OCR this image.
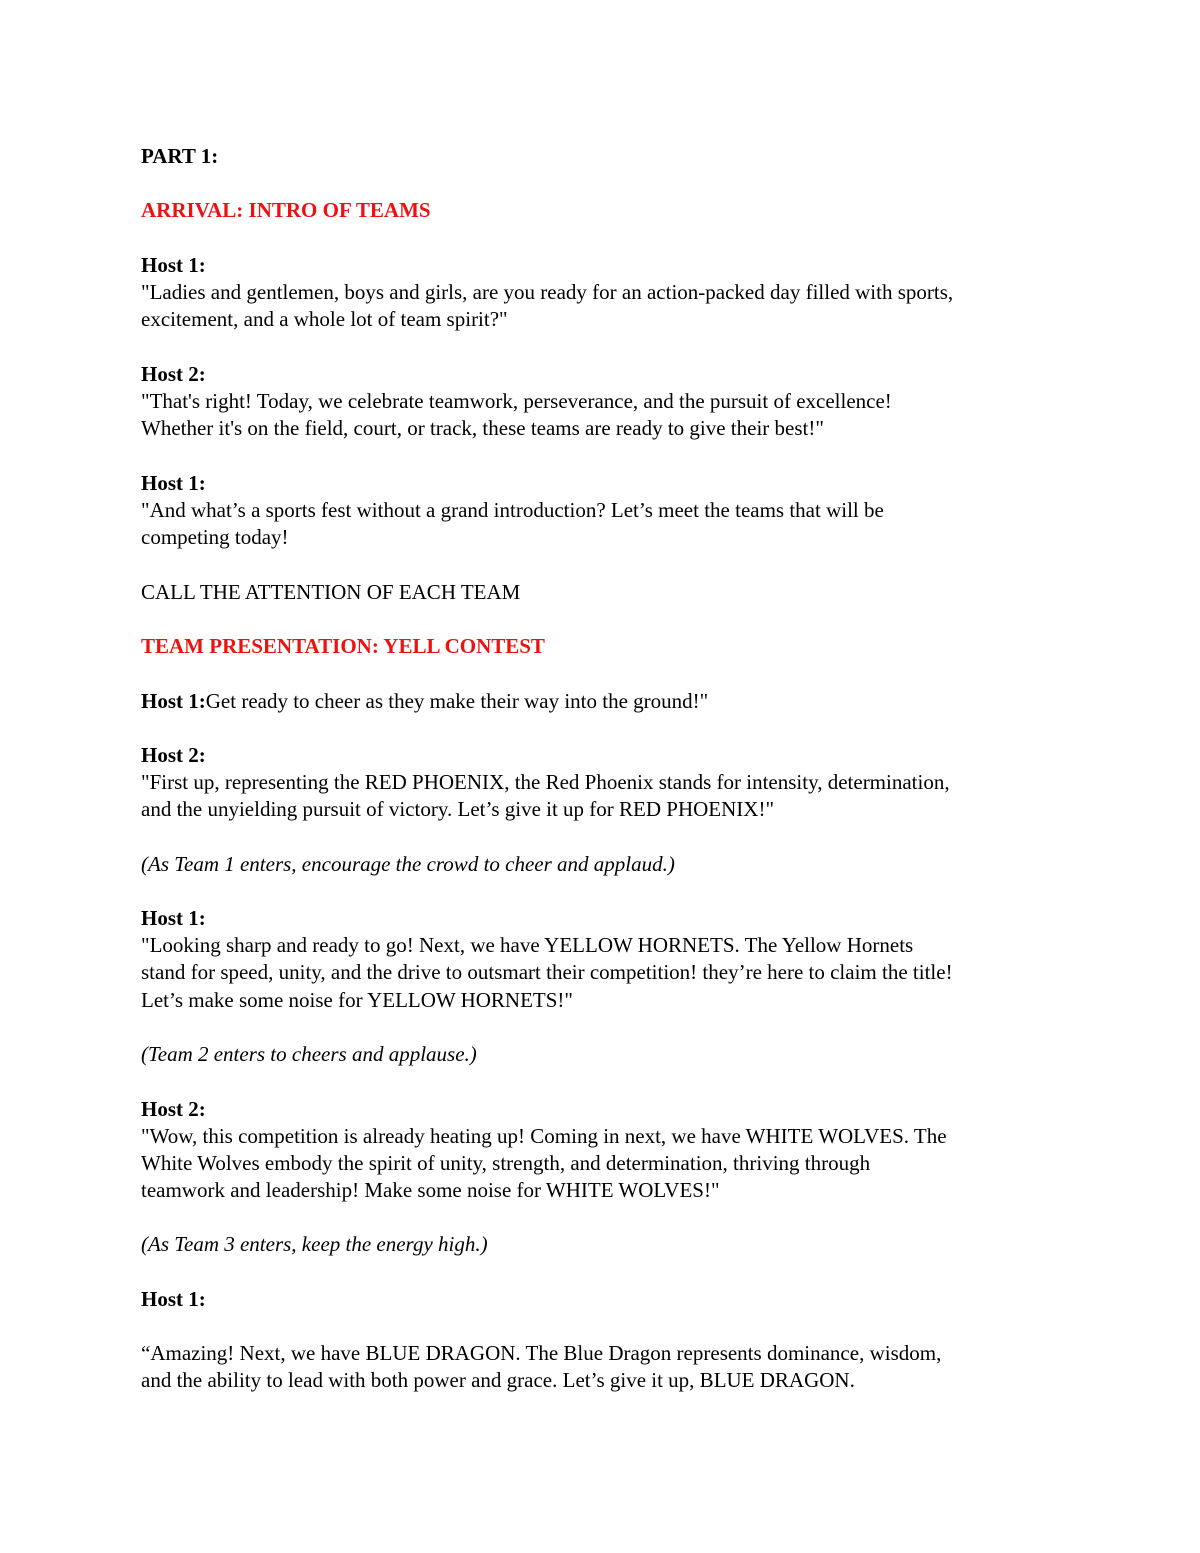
PART 1:
ARRIVAL: INTRO OF TEAMS
Host 1:
"Ladies and gentlemen, boys and girls, are you ready for an action-packed day filled with sports,
excitement, and a whole lot of team spirit?"
Host 2:
"That's right! Today, we celebrate teamwork, perseverance, and the pursuit of excellence!
Whether it's on the field, court, or track, these teams are ready to give their best!"
Host 1:
"And what’s a sports fest without a grand introduction? Let’s meet the teams that will be
competing today!
CALL THE ATTENTION OF EACH TEAM
TEAM PRESENTATION: YELL CONTEST
Host 1:Get ready to cheer as they make their way into the ground!"
Host 2:
"First up, representing the RED PHOENIX, the Red Phoenix stands for intensity, determination,
and the unyielding pursuit of victory. Let’s give it up for RED PHOENIX!"
(As Team 1 enters, encourage the crowd to cheer and applaud.)
Host 1:
"Looking sharp and ready to go! Next, we have YELLOW HORNETS. The Yellow Hornets
stand for speed, unity, and the drive to outsmart their competition! they’re here to claim the title!
Let’s make some noise for YELLOW HORNETS!"
(Team 2 enters to cheers and applause.)
Host 2:
"Wow, this competition is already heating up! Coming in next, we have WHITE WOLVES. The
White Wolves embody the spirit of unity, strength, and determination, thriving through
teamwork and leadership! Make some noise for WHITE WOLVES!"
(As Team 3 enters, keep the energy high.)
Host 1:
“Amazing! Next, we have BLUE DRAGON. The Blue Dragon represents dominance, wisdom,
and the ability to lead with both power and grace. Let’s give it up, BLUE DRAGON.
